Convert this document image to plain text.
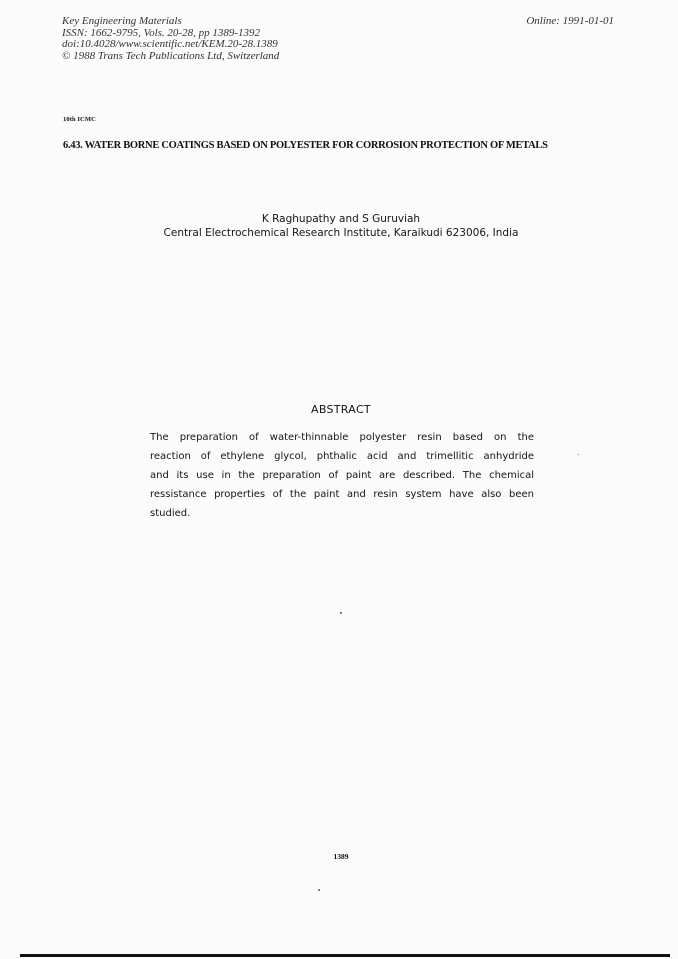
Key Engineering Materials
ISSN: 1662-9795, Vols. 20-28, pp 1389-1392
doi:10.4028/www.scientific.net/KEM.20-28.1389
© 1988 Trans Tech Publications Ltd, Switzerland
Online: 1991-01-01
10th ICMC
6.43. WATER BORNE COATINGS BASED ON POLYESTER FOR CORROSION PROTECTION OF METALS
K Raghupathy and S Guruviah
Central Electrochemical Research Institute, Karaikudi 623006, India
ABSTRACT
The preparation of water-thinnable polyester resin based on the
reaction of ethylene glycol, phthalic acid and trimellitic anhydride
and its use in the preparation of paint are described. The chemical
ressistance properties of the paint and resin system have also been
studied.
1389
